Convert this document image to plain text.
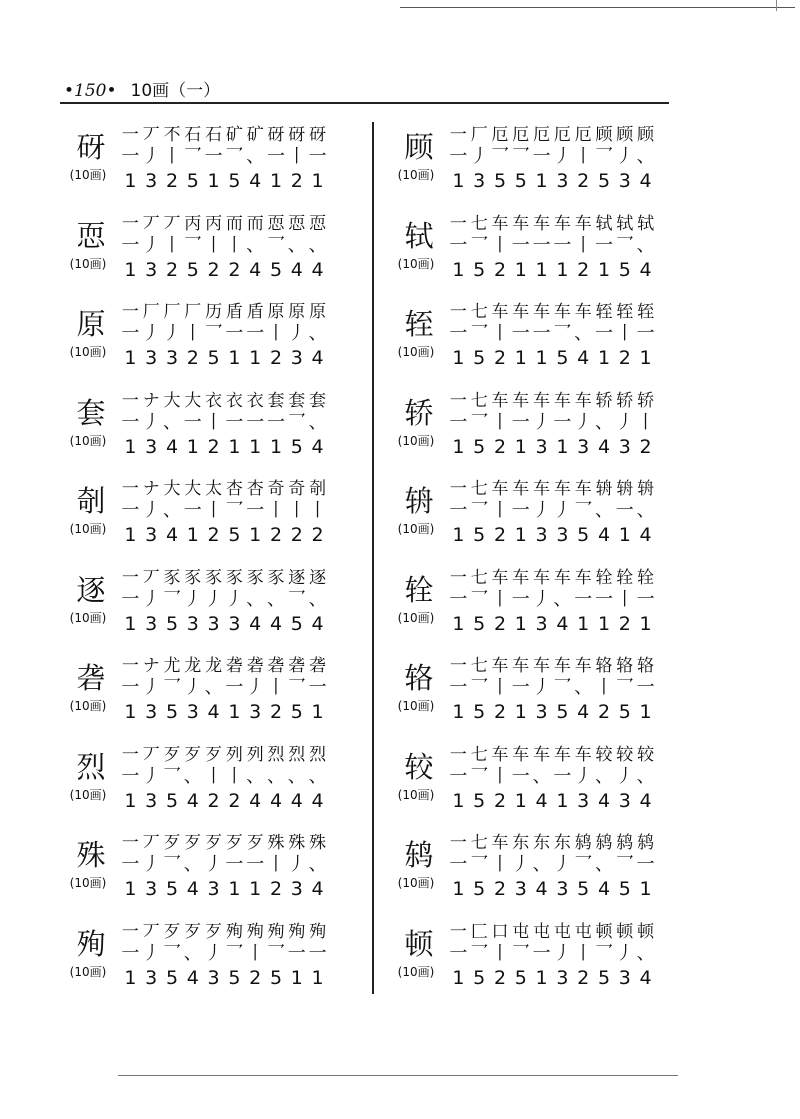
•150• 10画（一）
砑
(10画)
一 丆 不 石 石 矿 矿 砑 砑 砑
一 丿 丨 乛 一 乛 、 一 丨 一
1 3 2 5 1 5 4 1 2 1
恧
(10画)
一 丆 丆 丙 丙 而 而 恧 恧 恧
一 丿 丨 乛 丨 丨 、 乛 、 、
1 3 2 5 2 2 4 5 4 4
原
(10画)
一 厂 厂 厂 历 盾 盾 原 原 原
一 丿 丿 丨 乛 一 一 丨 丿 、
1 3 3 2 5 1 1 2 3 4
套
(10画)
一 ナ 大 大 衣 衣 衣 套 套 套
一 丿 、 一 丨 一 一 一 乛 、
1 3 4 1 2 1 1 1 5 4
剞
(10画)
一 ナ 大 大 太 杏 杏 奇 奇 剞
一 丿 、 一 丨 乛 一 丨 丨 丨
1 3 4 1 2 5 1 2 2 2
逐
(10画)
一 丆 豕 豕 豕 豕 豕 豕 逐 逐
一 丿 乛 丿 丿 丿 、 、 乛 、
1 3 5 3 3 3 4 4 5 4
砻
(10画)
一 ナ 尤 龙 龙 砻 砻 砻 砻 砻
一 丿 乛 丿 、 一 丿 丨 乛 一
1 3 5 3 4 1 3 2 5 1
烈
(10画)
一 丆 歹 歹 歹 列 列 烈 烈 烈
一 丿 乛 、 丨 丨 、 、 、 、
1 3 5 4 2 2 4 4 4 4
殊
(10画)
一 丆 歹 歹 歹 歹 歹 殊 殊 殊
一 丿 乛 、 丿 一 一 丨 丿 、
1 3 5 4 3 1 1 2 3 4
殉
(10画)
一 丆 歹 歹 歹 殉 殉 殉 殉 殉
一 丿 乛 、 丿 乛 丨 乛 一 一
1 3 5 4 3 5 2 5 1 1
顾
(10画)
一 厂 厄 厄 厄 厄 厄 顾 顾 顾
一 丿 乛 乛 一 丿 丨 乛 丿 、
1 3 5 5 1 3 2 5 3 4
轼
(10画)
一 七 车 车 车 车 车 轼 轼 轼
一 乛 丨 一 一 一 丨 一 乛 、
1 5 2 1 1 1 2 1 5 4
轾
(10画)
一 七 车 车 车 车 车 轾 轾 轾
一 乛 丨 一 一 乛 、 一 丨 一
1 5 2 1 1 5 4 1 2 1
轿
(10画)
一 七 车 车 车 车 车 轿 轿 轿
一 乛 丨 一 丿 一 丿 、 丿 丨
1 5 2 1 3 1 3 4 3 2
辀
(10画)
一 七 车 车 车 车 车 辀 辀 辀
一 乛 丨 一 丿 丿 乛 、 一 、
1 5 2 1 3 3 5 4 1 4
辁
(10画)
一 七 车 车 车 车 车 辁 辁 辁
一 乛 丨 一 丿 、 一 一 丨 一
1 5 2 1 3 4 1 1 2 1
辂
(10画)
一 七 车 车 车 车 车 辂 辂 辂
一 乛 丨 一 丿 乛 、 丨 乛 一
1 5 2 1 3 5 4 2 5 1
较
(10画)
一 七 车 车 车 车 车 较 较 较
一 乛 丨 一 、 一 丿 、 丿 、
1 5 2 1 4 1 3 4 3 4
鸫
(10画)
一 七 车 东 东 东 鸫 鸫 鸫 鸫
一 乛 丨 丿 、 丿 乛 、 乛 一
1 5 2 3 4 3 5 4 5 1
顿
(10画)
一 匚 口 屯 屯 屯 屯 顿 顿 顿
一 乛 丨 乛 一 丿 丨 乛 丿 、
1 5 2 5 1 3 2 5 3 4
